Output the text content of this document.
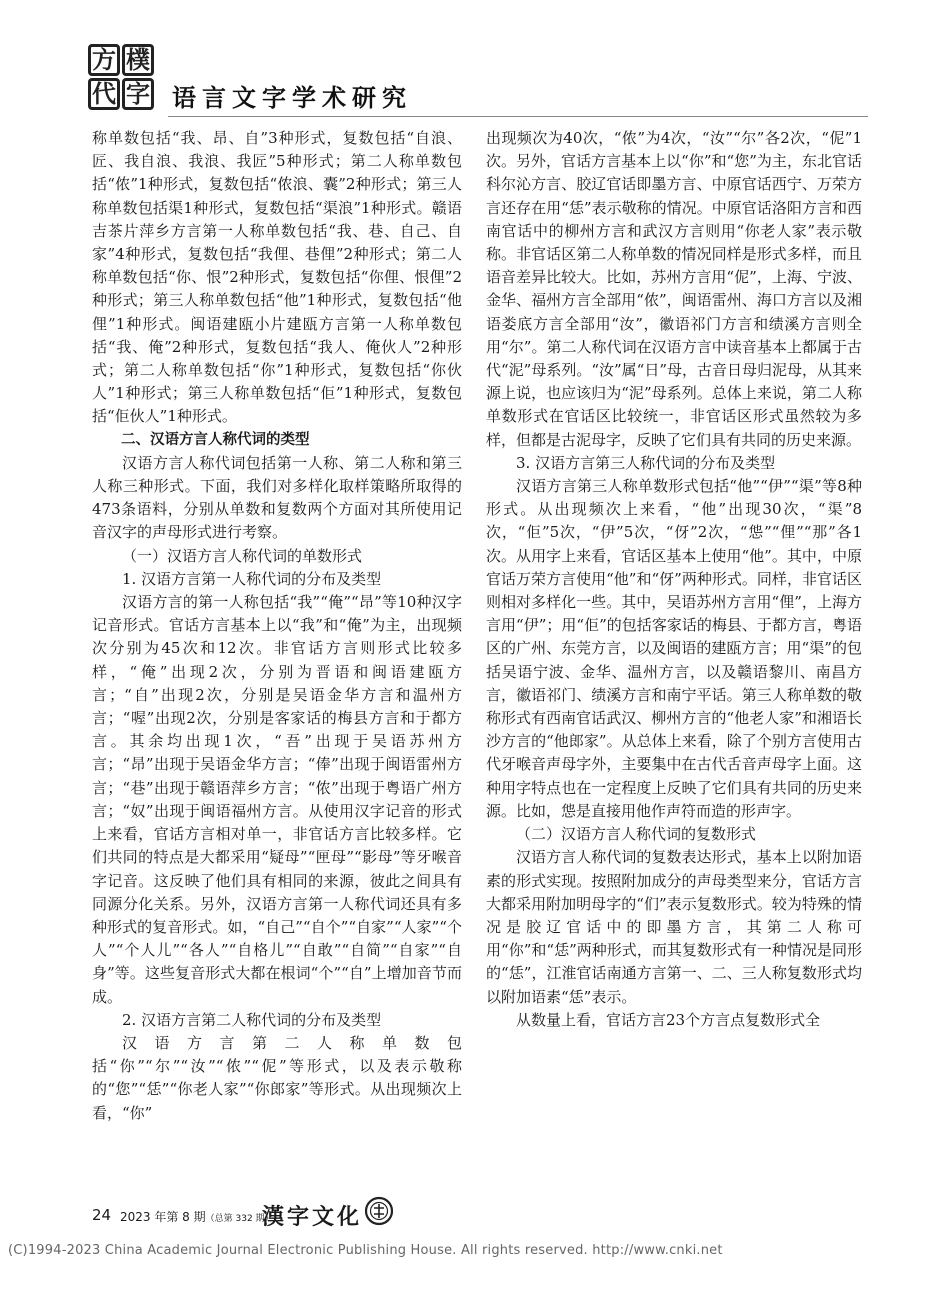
方 樸
代 字 语言文字学术研究

称单数包括“我、昂、自”3种形式，复数包括“自浪、匠、我自浪、我浪、我匠”5种形式；第二人称单数包括“侬”1种形式，复数包括“侬浪、囊”2种形式；第三人称单数包括渠1种形式，复数包括“渠浪”1种形式。赣语吉茶片萍乡方言第一人称单数包括“我、巷、自己、自家”4种形式，复数包括“我俚、巷俚”2种形式；第二人称单数包括“你、恨”2种形式，复数包括“你俚、恨俚”2种形式；第三人称单数包括“他”1种形式，复数包括“他俚”1种形式。闽语建瓯小片建瓯方言第一人称单数包括“我、俺”2种形式，复数包括“我人、俺伙人”2种形式；第二人称单数包括“你”1种形式，复数包括“你伙人”1种形式；第三人称单数包括“佢”1种形式，复数包括“佢伙人”1种形式。

二、汉语方言人称代词的类型

汉语方言人称代词包括第一人称、第二人称和第三人称三种形式。下面，我们对多样化取样策略所取得的473条语料，分别从单数和复数两个方面对其所使用记音汉字的声母形式进行考察。

（一）汉语方言人称代词的单数形式

1. 汉语方言第一人称代词的分布及类型

汉语方言的第一人称包括“我”“俺”“昂”等10种汉字记音形式。官话方言基本上以“我”和“俺”为主，出现频次分别为45次和12次。非官话方言则形式比较多样，“俺”出现2次，分别为晋语和闽语建瓯方言；“自”出现2次，分别是吴语金华方言和温州方言；“喔”出现2次，分别是客家话的梅县方言和于都方言。其余均出现1次，“吾”出现于吴语苏州方言；“昂”出现于吴语金华方言；“俸”出现于闽语雷州方言；“巷”出现于赣语萍乡方言；“侬”出现于粤语广州方言；“奴”出现于闽语福州方言。从使用汉字记音的形式上来看，官话方言相对单一，非官话方言比较多样。它们共同的特点是大都采用“疑母”“匣母”“影母”等牙喉音字记音。这反映了他们具有相同的来源，彼此之间具有同源分化关系。另外，汉语方言第一人称代词还具有多种形式的复音形式。如，“自己”“自个”“自家”“人家”“个人”“个人儿”“各人”“自格儿”“自敢”“自简”“自家”“自身”等。这些复音形式大都在根词“个”“自”上增加音节而成。

2. 汉语方言第二人称代词的分布及类型

汉语方言第二人称单数包括“你”“尔”“汝”“侬”“伲”等形式，以及表示敬称的“您”“恁”“你老人家”“你郎家”等形式。从出现频次上看，“你”

出现频次为40次，“侬”为4次，“汝”“尔”各2次，“伲”1次。另外，官话方言基本上以“你”和“您”为主，东北官话科尔沁方言、胶辽官话即墨方言、中原官话西宁、万荣方言还存在用“恁”表示敬称的情况。中原官话洛阳方言和西南官话中的柳州方言和武汉方言则用“你老人家”表示敬称。非官话区第二人称单数的情况同样是形式多样，而且语音差异比较大。比如，苏州方言用“伲”，上海、宁波、金华、福州方言全部用“侬”，闽语雷州、海口方言以及湘语娄底方言全部用“汝”，徽语祁门方言和绩溪方言则全用“尔”。第二人称代词在汉语方言中读音基本上都属于古代“泥”母系列。“汝”属“日”母，古音日母归泥母，从其来源上说，也应该归为“泥”母系列。总体上来说，第二人称单数形式在官话区比较统一，非官话区形式虽然较为多样，但都是古泥母字，反映了它们具有共同的历史来源。

3. 汉语方言第三人称代词的分布及类型

汉语方言第三人称单数形式包括“他”“伊”“渠”等8种形式。从出现频次上来看，“他”出现30次，“渠”8次，“佢”5次，“伊”5次，“伢”2次，“怹”“俚”“那”各1次。从用字上来看，官话区基本上使用“他”。其中，中原官话万荣方言使用“他”和“伢”两种形式。同样，非官话区则相对多样化一些。其中，吴语苏州方言用“俚”，上海方言用“伊”；用“佢”的包括客家话的梅县、于都方言，粤语区的广州、东莞方言，以及闽语的建瓯方言；用“渠”的包括吴语宁波、金华、温州方言，以及赣语黎川、南昌方言，徽语祁门、绩溪方言和南宁平话。第三人称单数的敬称形式有西南官话武汉、柳州方言的“他老人家”和湘语长沙方言的“他郎家”。从总体上来看，除了个别方言使用古代牙喉音声母字外，主要集中在古代舌音声母字上面。这种用字特点也在一定程度上反映了它们具有共同的历史来源。比如，怹是直接用他作声符而造的形声字。

（二）汉语方言人称代词的复数形式

汉语方言人称代词的复数表达形式，基本上以附加语素的形式实现。按照附加成分的声母类型来分，官话方言大都采用附加明母字的“们”表示复数形式。较为特殊的情况是胶辽官话中的即墨方言，其第二人称可用“你”和“恁”两种形式，而其复数形式有一种情况是同形的“恁”，江淮官话南通方言第一、二、三人称复数形式均以附加语素“恁”表示。

从数量上看，官话方言23个方言点复数形式全

24 2023 年第 8 期（总第 332 期）
漢字文化
(C)1994-2023 China Academic Journal Electronic Publishing House. All rights reserved. http://www.cnki.net
